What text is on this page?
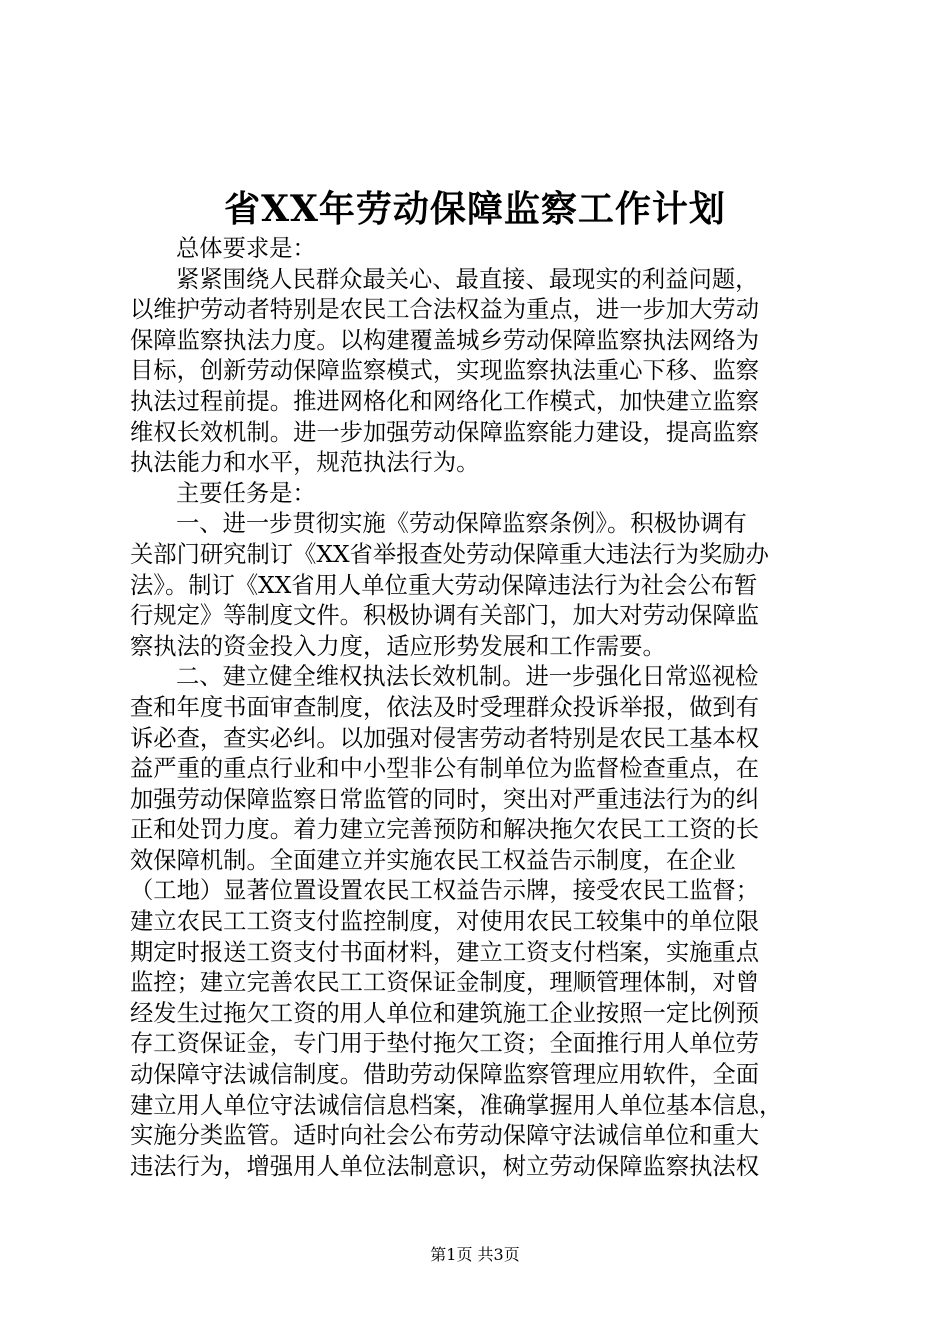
省XX年劳动保障监察工作计划
总体要求是：
紧紧围绕人民群众最关心、最直接、最现实的利益问题，
以维护劳动者特别是农民工合法权益为重点，进一步加大劳动
保障监察执法力度。以构建覆盖城乡劳动保障监察执法网络为
目标，创新劳动保障监察模式，实现监察执法重心下移、监察
执法过程前提。推进网格化和网络化工作模式，加快建立监察
维权长效机制。进一步加强劳动保障监察能力建设，提高监察
执法能力和水平，规范执法行为。
主要任务是：
一、进一步贯彻实施《劳动保障监察条例》。积极协调有
关部门研究制订《XX省举报查处劳动保障重大违法行为奖励办
法》。制订《XX省用人单位重大劳动保障违法行为社会公布暂
行规定》等制度文件。积极协调有关部门，加大对劳动保障监
察执法的资金投入力度，适应形势发展和工作需要。
二、建立健全维权执法长效机制。进一步强化日常巡视检
查和年度书面审查制度，依法及时受理群众投诉举报，做到有
诉必查，查实必纠。以加强对侵害劳动者特别是农民工基本权
益严重的重点行业和中小型非公有制单位为监督检查重点，在
加强劳动保障监察日常监管的同时，突出对严重违法行为的纠
正和处罚力度。着力建立完善预防和解决拖欠农民工工资的长
效保障机制。全面建立并实施农民工权益告示制度，在企业
（工地）显著位置设置农民工权益告示牌，接受农民工监督；
建立农民工工资支付监控制度，对使用农民工较集中的单位限
期定时报送工资支付书面材料，建立工资支付档案，实施重点
监控；建立完善农民工工资保证金制度，理顺管理体制，对曾
经发生过拖欠工资的用人单位和建筑施工企业按照一定比例预
存工资保证金，专门用于垫付拖欠工资；全面推行用人单位劳
动保障守法诚信制度。借助劳动保障监察管理应用软件，全面
建立用人单位守法诚信信息档案，准确掌握用人单位基本信息，
实施分类监管。适时向社会公布劳动保障守法诚信单位和重大
违法行为，增强用人单位法制意识，树立劳动保障监察执法权
第1页 共3页
